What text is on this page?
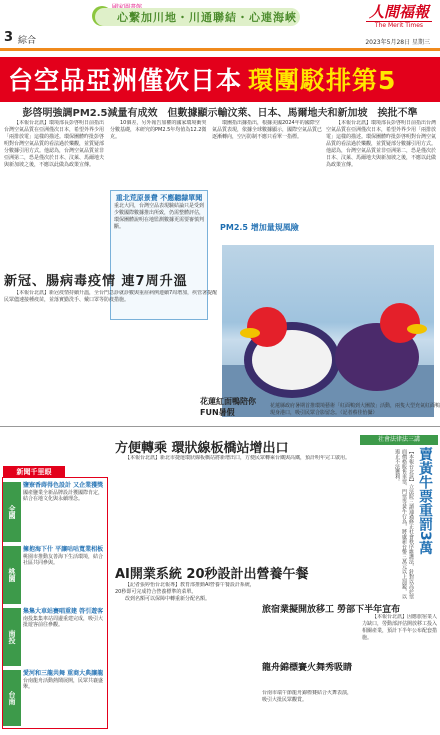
心繫加川地・川通聯結・心連海峽	人間福報
The Merit Times
3 綜合	2023年5月28日 星期三
台空品亞洲僅次日本 環團駁排第5
彭啓明強調PM2.5減量有成效　但數據顯示輸汶萊、日本、馬爾地夫和新加坡　挨批不準

【本報台北訊】環境部長彭啓明日前指出台灣空氣品質在亞洲僅次日本，希望外界少用「兩排放電」這樣的描述。環保團體昨批彭啓明對台灣空氣品質的看法過於樂觀，並質疑部分數據引用方式。他認為，台灣空氣品質並非亞洲第二，恐是僅次於日本、汶萊、馬爾地夫與新加坡之後，不應以此做為政策宣傳。

10個差，另外報告加權的國家環境衝突分數基礎，本研究的PM2.5年均值為12.2微克。

重北荒原景費 不應聽隸單聞

重北大同，台灣空品表現驗結論只是受到少數國際數據推出所致，仍需整體評估，環保團體說明在地監測數據更需要審慎判斷。

環團指出據指出，根據美國2024年的國際空氣品質表現，依據全球數據顯示，國際空氣品質已逐漸轉向，空污防制不應只看單一指標。

PM2.5 增加量規風險

【本報台北訊】環境部長彭啓明日前指出台灣空氣品質在亞洲僅次日本，希望外界少用「兩排放電」這樣的描述。環保團體昨批彭啓明對台灣空氣品質的看法過於樂觀，並質疑部分數據引用方式。他認為，台灣空氣品質並非亞洲第二，恐是僅次於日本、汶萊、馬爾地夫與新加坡之後，不應以此做為政策宣傳。

新冠、腸病毒疫情 連7周升溫

【本報台北訊】新冠疫情持續升溫，全台門急診就診數與重症病例連續7周增加，疾管署提醒民眾儘速接種疫苗，並落實勤洗手、戴口罩等防疫措施。

花蓮紅面鴨陪你FUN暑假
花蓮縣政府暑期首推環境藝術「紅面鴨到大團散」活動，兩隻大型充氣紅面鴨現身港口，吸引民眾合影留念。（記者蔡佳怡攝）
新聞千里眼
全國
鹽寮香蒔得色設計 又企業獲獎
國產鹽業全新品牌設計獲國際肯定，結合在地文化與永續理念。
桃園
擁抱海下什 平讓咕咕寬業相板
桃園市推動友善海下生活環境，結合社區共同參與。
南投
集集大車站賽唱重建 啓引遊客
南投集集車站周邊重建完成，吸引大批遊客前往參觀。
台南
愛河和三龍共舞 重商大典讓龍
台南龍舟活動熱鬧展開，民眾共襄盛舉。
方便轉乘 環狀線板橋站增出口

【本報台北訊】新北市捷運環狀線板橋站將新增出口，方便民眾轉乘台鐵與高鐵，預計明年完工啟用。

AI開業系統 20秒設計出營養午餐

【記者張婷怡台北報導】教育部推動AI營養午餐設計系統，20秒即可完成符合營養標準的菜單。

改到名額可以保障中轉重新分配名額。

龍舟錦標賽火舞秀吸睛

台南市端午節龍舟錦標賽結合火舞表演，吸引大批民眾觀賞。

社會法律法三講
賣黃牛票重罰3萬
【本報台北訊】立法院三讀通過修正社會秩序維護法，針對以高於票面價格販售車票、門票等黃牛行為，將處新台幣三萬元以上罰鍰，以遏止不法獲利。
旅宿業擬開放移工 勞部下半年宣布

【本報台北訊】因應旅宿業人力缺口，勞動部評估開放移工投入相關產業，預計下半年公布配套措施。
